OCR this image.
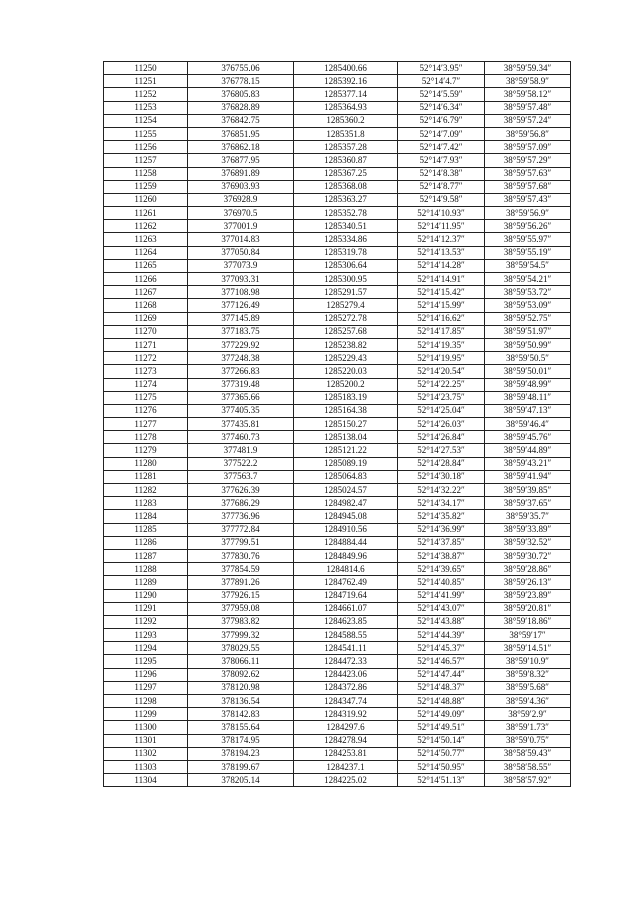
11250	376755.06	1285400.66	52°14′3.95″	38°59′59.34″
11251	376778.15	1285392.16	52°14′4.7″	38°59′58.9″
11252	376805.83	1285377.14	52°14′5.59″	38°59′58.12″
11253	376828.89	1285364.93	52°14′6.34″	38°59′57.48″
11254	376842.75	1285360.2	52°14′6.79″	38°59′57.24″
11255	376851.95	1285351.8	52°14′7.09″	38°59′56.8″
11256	376862.18	1285357.28	52°14′7.42″	38°59′57.09″
11257	376877.95	1285360.87	52°14′7.93″	38°59′57.29″
11258	376891.89	1285367.25	52°14′8.38″	38°59′57.63″
11259	376903.93	1285368.08	52°14′8.77″	38°59′57.68″
11260	376928.9	1285363.27	52°14′9.58″	38°59′57.43″
11261	376970.5	1285352.78	52°14′10.93″	38°59′56.9″
11262	377001.9	1285340.51	52°14′11.95″	38°59′56.26″
11263	377014.83	1285334.86	52°14′12.37″	38°59′55.97″
11264	377050.84	1285319.78	52°14′13.53″	38°59′55.19″
11265	377073.9	1285306.64	52°14′14.28″	38°59′54.5″
11266	377093.31	1285300.95	52°14′14.91″	38°59′54.21″
11267	377108.98	1285291.57	52°14′15.42″	38°59′53.72″
11268	377126.49	1285279.4	52°14′15.99″	38°59′53.09″
11269	377145.89	1285272.78	52°14′16.62″	38°59′52.75″
11270	377183.75	1285257.68	52°14′17.85″	38°59′51.97″
11271	377229.92	1285238.82	52°14′19.35″	38°59′50.99″
11272	377248.38	1285229.43	52°14′19.95″	38°59′50.5″
11273	377266.83	1285220.03	52°14′20.54″	38°59′50.01″
11274	377319.48	1285200.2	52°14′22.25″	38°59′48.99″
11275	377365.66	1285183.19	52°14′23.75″	38°59′48.11″
11276	377405.35	1285164.38	52°14′25.04″	38°59′47.13″
11277	377435.81	1285150.27	52°14′26.03″	38°59′46.4″
11278	377460.73	1285138.04	52°14′26.84″	38°59′45.76″
11279	377481.9	1285121.22	52°14′27.53″	38°59′44.89″
11280	377522.2	1285089.19	52°14′28.84″	38°59′43.21″
11281	377563.7	1285064.83	52°14′30.18″	38°59′41.94″
11282	377626.39	1285024.57	52°14′32.22″	38°59′39.85″
11283	377686.29	1284982.47	52°14′34.17″	38°59′37.65″
11284	377736.96	1284945.08	52°14′35.82″	38°59′35.7″
11285	377772.84	1284910.56	52°14′36.99″	38°59′33.89″
11286	377799.51	1284884.44	52°14′37.85″	38°59′32.52″
11287	377830.76	1284849.96	52°14′38.87″	38°59′30.72″
11288	377854.59	1284814.6	52°14′39.65″	38°59′28.86″
11289	377891.26	1284762.49	52°14′40.85″	38°59′26.13″
11290	377926.15	1284719.64	52°14′41.99″	38°59′23.89″
11291	377959.08	1284661.07	52°14′43.07″	38°59′20.81″
11292	377983.82	1284623.85	52°14′43.88″	38°59′18.86″
11293	377999.32	1284588.55	52°14′44.39″	38°59′17″
11294	378029.55	1284541.11	52°14′45.37″	38°59′14.51″
11295	378066.11	1284472.33	52°14′46.57″	38°59′10.9″
11296	378092.62	1284423.06	52°14′47.44″	38°59′8.32″
11297	378120.98	1284372.86	52°14′48.37″	38°59′5.68″
11298	378136.54	1284347.74	52°14′48.88″	38°59′4.36″
11299	378142.83	1284319.92	52°14′49.09″	38°59′2.9″
11300	378155.64	1284297.6	52°14′49.51″	38°59′1.73″
11301	378174.95	1284278.94	52°14′50.14″	38°59′0.75″
11302	378194.23	1284253.81	52°14′50.77″	38°58′59.43″
11303	378199.67	1284237.1	52°14′50.95″	38°58′58.55″
11304	378205.14	1284225.02	52°14′51.13″	38°58′57.92″
